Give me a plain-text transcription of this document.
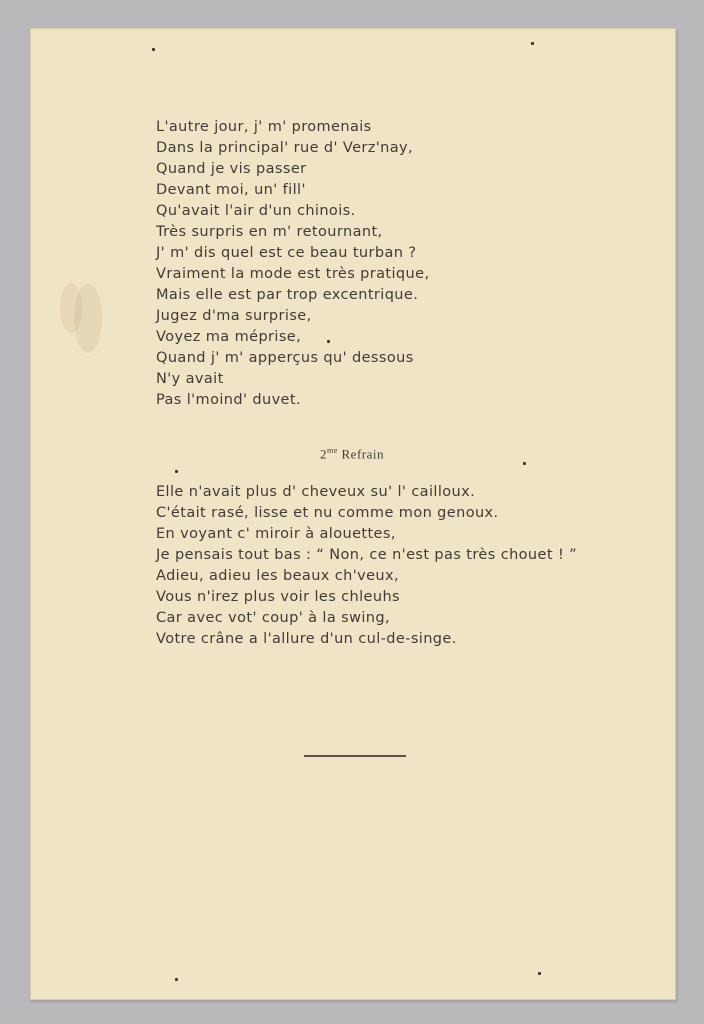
L'autre jour, j' m' promenais
Dans la principal' rue d' Verz'nay,
Quand je vis passer
Devant moi, un' fill'
Qu'avait l'air d'un chinois.
Très surpris en m' retournant,
J' m' dis quel est ce beau turban ?
Vraiment la mode est très pratique,
Mais elle est par trop excentrique.
Jugez d'ma surprise,
Voyez ma méprise,
Quand j' m' apperçus qu' dessous
N'y avait
Pas l'moind' duvet.
$2^{me}$ Refrain
Elle n'avait plus d' cheveux su' l' cailloux.
C'était rasé, lisse et nu comme mon genoux.
En voyant c' miroir à alouettes,
Je pensais tout bas : “ Non, ce n'est pas très chouet ! ”
Adieu, adieu les beaux ch'veux,
Vous n'irez plus voir les chleuhs
Car avec vot' coup' à la swing,
Votre crâne a l'allure d'un cul-de-singe.
